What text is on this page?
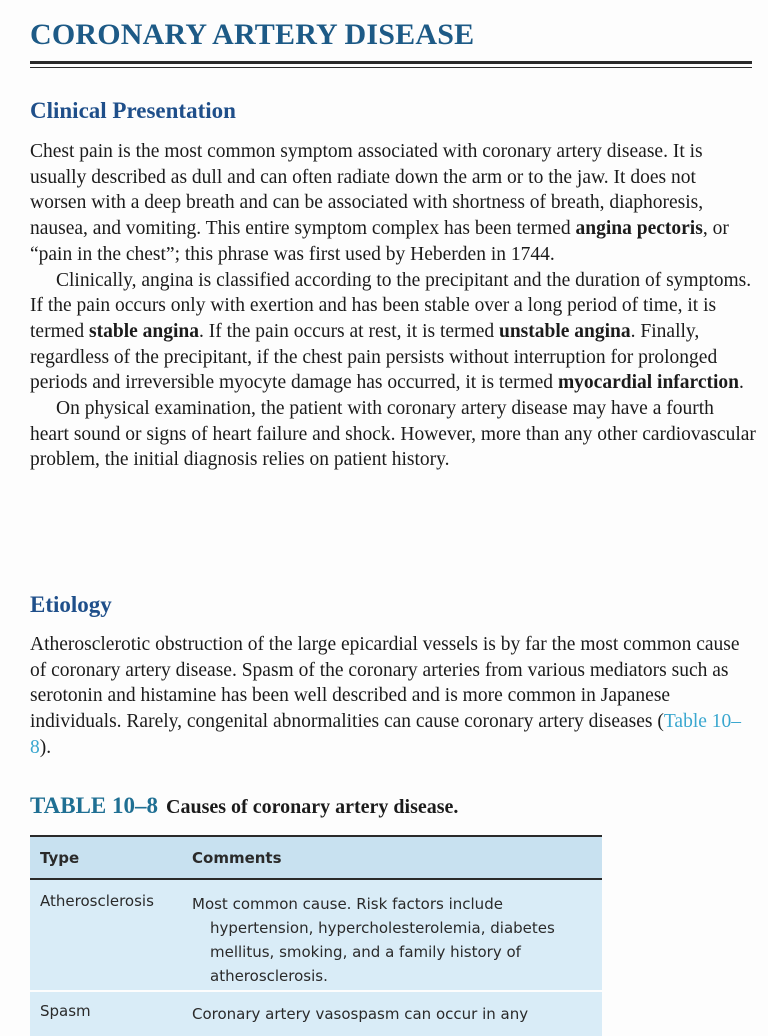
CORONARY ARTERY DISEASE
Clinical Presentation

Chest pain is the most common symptom associated with coronary artery disease. It is usually described as dull and can often radiate down the arm or to the jaw. It does not worsen with a deep breath and can be associated with shortness of breath, diaphoresis, nausea, and vomiting. This entire symptom complex has been termed angina pectoris, or “pain in the chest”; this phrase was first used by Heberden in 1744.

Clinically, angina is classified according to the precipitant and the duration of symptoms. If the pain occurs only with exertion and has been stable over a long period of time, it is termed stable angina. If the pain occurs at rest, it is termed unstable angina. Finally, regardless of the precipitant, if the chest pain persists without interruption for prolonged periods and irreversible myocyte damage has occurred, it is termed myocardial infarction.

On physical examination, the patient with coronary artery disease may have a fourth heart sound or signs of heart failure and shock. However, more than any other cardiovascular problem, the initial diagnosis relies on patient history.

Etiology

Atherosclerotic obstruction of the large epicardial vessels is by far the most common cause of coronary artery disease. Spasm of the coronary arteries from various mediators such as serotonin and histamine has been well described and is more common in Japanese individuals. Rarely, congenital abnormalities can cause coronary artery diseases (Table 10–8).

TABLE 10–8 Causes of coronary artery disease.
Type	Comments
Atherosclerosis	Most common cause. Risk factors include hypertension, hypercholesterolemia, diabetes mellitus, smoking, and a family history of atherosclerosis.
Spasm	Coronary artery vasospasm can occur in any
